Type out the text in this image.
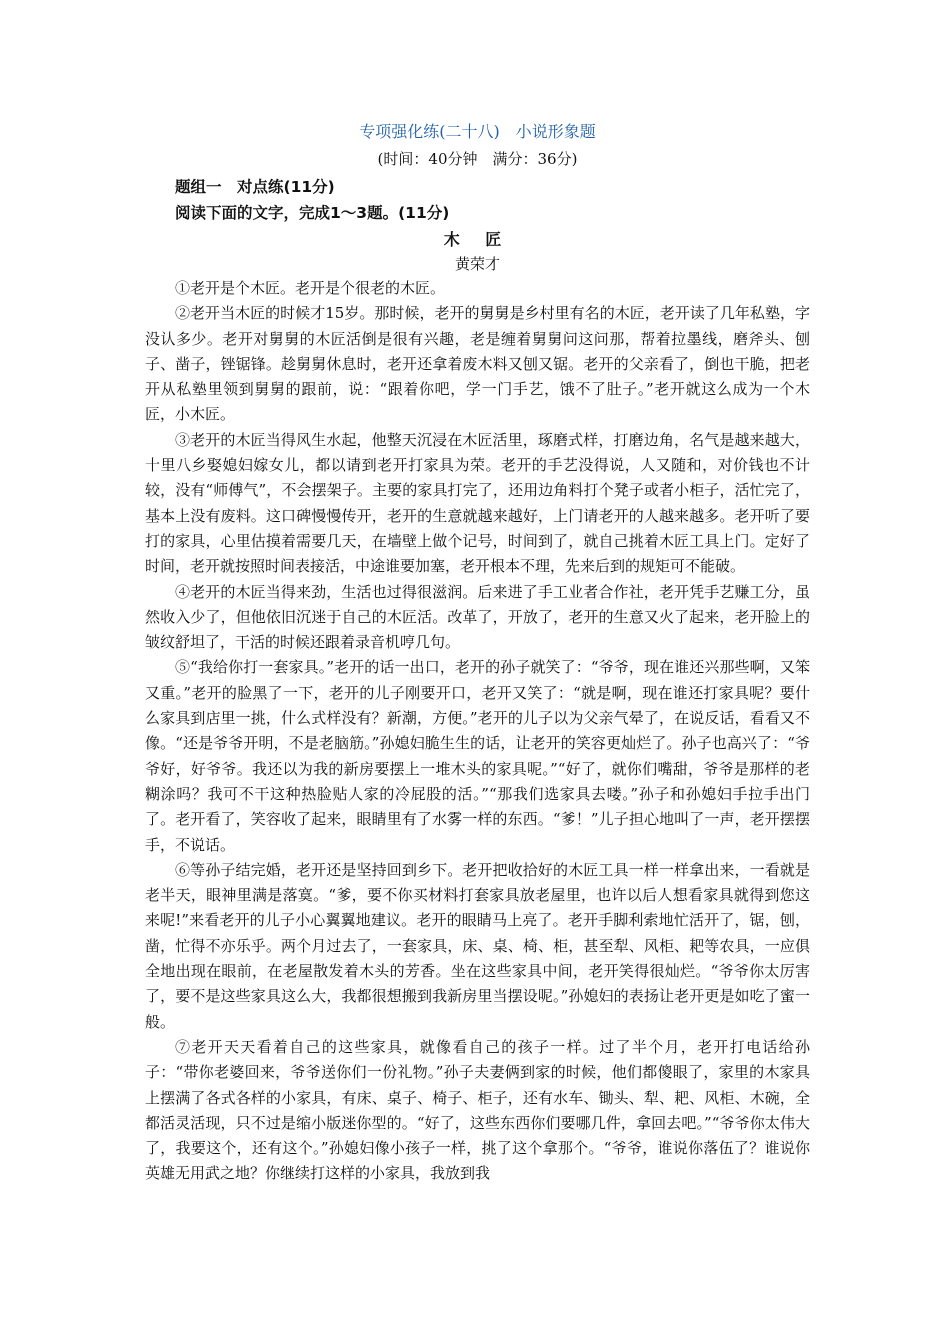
专项强化练(二十八)　小说形象题

(时间：40分钟　满分：36分)

题组一　对点练(11分)

阅读下面的文字，完成1～3题。(11分)

木 匠

黄荣才

①老开是个木匠。老开是个很老的木匠。

②老开当木匠的时候才15岁。那时候，老开的舅舅是乡村里有名的木匠，老开读了几年私塾，字没认多少。老开对舅舅的木匠活倒是很有兴趣，老是缠着舅舅问这问那，帮着拉墨线，磨斧头、刨子、凿子，锉锯锋。趁舅舅休息时，老开还拿着废木料又刨又锯。老开的父亲看了，倒也干脆，把老开从私塾里领到舅舅的跟前，说：“跟着你吧，学一门手艺，饿不了肚子。”老开就这么成为一个木匠，小木匠。

③老开的木匠当得风生水起，他整天沉浸在木匠活里，琢磨式样，打磨边角，名气是越来越大，十里八乡娶媳妇嫁女儿，都以请到老开打家具为荣。老开的手艺没得说，人又随和，对价钱也不计较，没有“师傅气”，不会摆架子。主要的家具打完了，还用边角料打个凳子或者小柜子，活忙完了，基本上没有废料。这口碑慢慢传开，老开的生意就越来越好，上门请老开的人越来越多。老开听了要打的家具，心里估摸着需要几天，在墙壁上做个记号，时间到了，就自己挑着木匠工具上门。定好了时间，老开就按照时间表接活，中途谁要加塞，老开根本不理，先来后到的规矩可不能破。

④老开的木匠当得来劲，生活也过得很滋润。后来进了手工业者合作社，老开凭手艺赚工分，虽然收入少了，但他依旧沉迷于自己的木匠活。改革了，开放了，老开的生意又火了起来，老开脸上的皱纹舒坦了，干活的时候还跟着录音机哼几句。

⑤“我给你打一套家具。”老开的话一出口，老开的孙子就笑了：“爷爷，现在谁还兴那些啊，又笨又重。”老开的脸黑了一下，老开的儿子刚要开口，老开又笑了：“就是啊，现在谁还打家具呢？要什么家具到店里一挑，什么式样没有？新潮，方便。”老开的儿子以为父亲气晕了，在说反话，看看又不像。“还是爷爷开明，不是老脑筋。”孙媳妇脆生生的话，让老开的笑容更灿烂了。孙子也高兴了：“爷爷好，好爷爷。我还以为我的新房要摆上一堆木头的家具呢。”“好了，就你们嘴甜，爷爷是那样的老糊涂吗？我可不干这种热脸贴人家的冷屁股的活。”“那我们选家具去喽。”孙子和孙媳妇手拉手出门了。老开看了，笑容收了起来，眼睛里有了水雾一样的东西。“爹！”儿子担心地叫了一声，老开摆摆手，不说话。

⑥等孙子结完婚，老开还是坚持回到乡下。老开把收拾好的木匠工具一样一样拿出来，一看就是老半天，眼神里满是落寞。“爹，要不你买材料打套家具放老屋里，也许以后人想看家具就得到您这来呢!”来看老开的儿子小心翼翼地建议。老开的眼睛马上亮了。老开手脚利索地忙活开了，锯，刨，凿，忙得不亦乐乎。两个月过去了，一套家具，床、桌、椅、柜，甚至犁、风柜、耙等农具，一应俱全地出现在眼前，在老屋散发着木头的芳香。坐在这些家具中间，老开笑得很灿烂。“爷爷你太厉害了，要不是这些家具这么大，我都很想搬到我新房里当摆设呢。”孙媳妇的表扬让老开更是如吃了蜜一般。

⑦老开天天看着自己的这些家具，就像看自己的孩子一样。过了半个月，老开打电话给孙子：“带你老婆回来，爷爷送你们一份礼物。”孙子夫妻俩到家的时候，他们都傻眼了，家里的木家具上摆满了各式各样的小家具，有床、桌子、椅子、柜子，还有水车、锄头、犁、耙、风柜、木碗，全都活灵活现，只不过是缩小版迷你型的。“好了，这些东西你们要哪几件，拿回去吧。”“爷爷你太伟大了，我要这个，还有这个。”孙媳妇像小孩子一样，挑了这个拿那个。“爷爷，谁说你落伍了？谁说你英雄无用武之地？你继续打这样的小家具，我放到我
